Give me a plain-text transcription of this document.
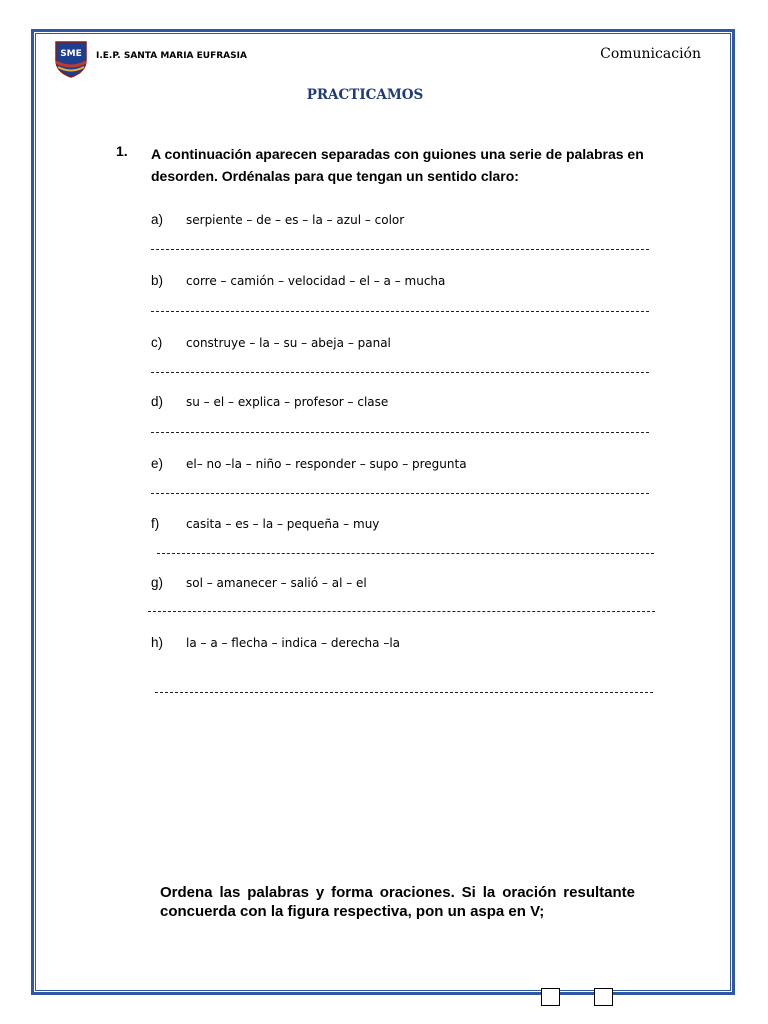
SME I.E.P. SANTA MARIA EUFRASIA	Comunicación
PRACTICAMOS
1. A continuación aparecen separadas con guiones una serie de palabras en desorden. Ordénalas para que tengan un sentido claro:
a) serpiente – de – es – la – azul – color
b) corre – camión – velocidad – el – a – mucha
c) construye – la – su – abeja – panal
d) su – el – explica – profesor – clase
e) el– no –la – niño – responder – supo – pregunta
f) casita – es – la – pequeña – muy
g) sol – amanecer – salió – al – el
h) la – a – flecha – indica – derecha –la
Ordena las palabras y forma oraciones. Si la oración resultante concuerda con la figura respectiva, pon un aspa en V;
